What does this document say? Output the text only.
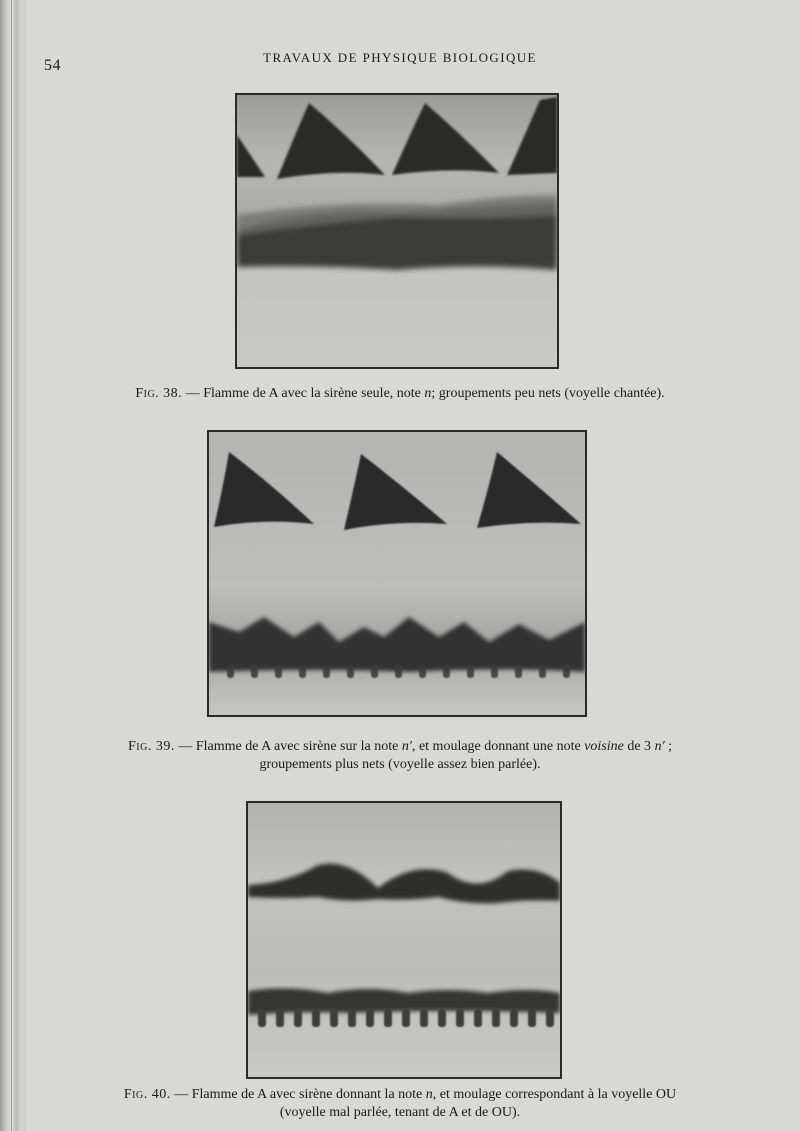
54	TRAVAUX DE PHYSIQUE BIOLOGIQUE
Fig. 38. — Flamme de A avec la sirène seule, note n; groupements peu nets (voyelle chantée).
Fig. 39. — Flamme de A avec sirène sur la note n′, et moulage donnant une note voisine de 3 n′ ;
groupements plus nets (voyelle assez bien parlée).
Fig. 40. — Flamme de A avec sirène donnant la note n, et moulage correspondant à la voyelle OU
(voyelle mal parlée, tenant de A et de OU).
